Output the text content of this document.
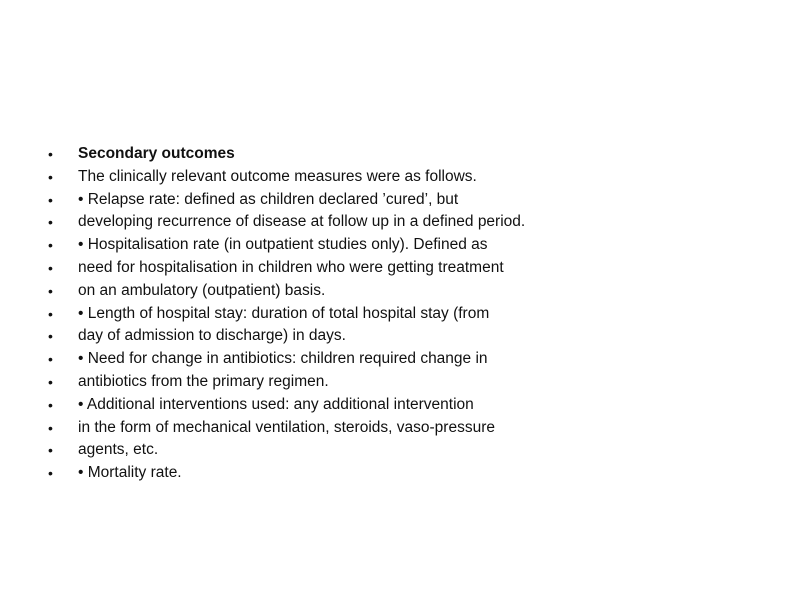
•	Secondary outcomes
•	The clinically relevant outcome measures were as follows.
•	• Relapse rate: defined as children declared ’cured’, but
•	developing recurrence of disease at follow up in a defined period.
•	• Hospitalisation rate (in outpatient studies only). Defined as
•	need for hospitalisation in children who were getting treatment
•	on an ambulatory (outpatient) basis.
•	• Length of hospital stay: duration of total hospital stay (from
•	day of admission to discharge) in days.
•	• Need for change in antibiotics: children required change in
•	antibiotics from the primary regimen.
•	• Additional interventions used: any additional intervention
•	in the form of mechanical ventilation, steroids, vaso-pressure
•	agents, etc.
•	• Mortality rate.
